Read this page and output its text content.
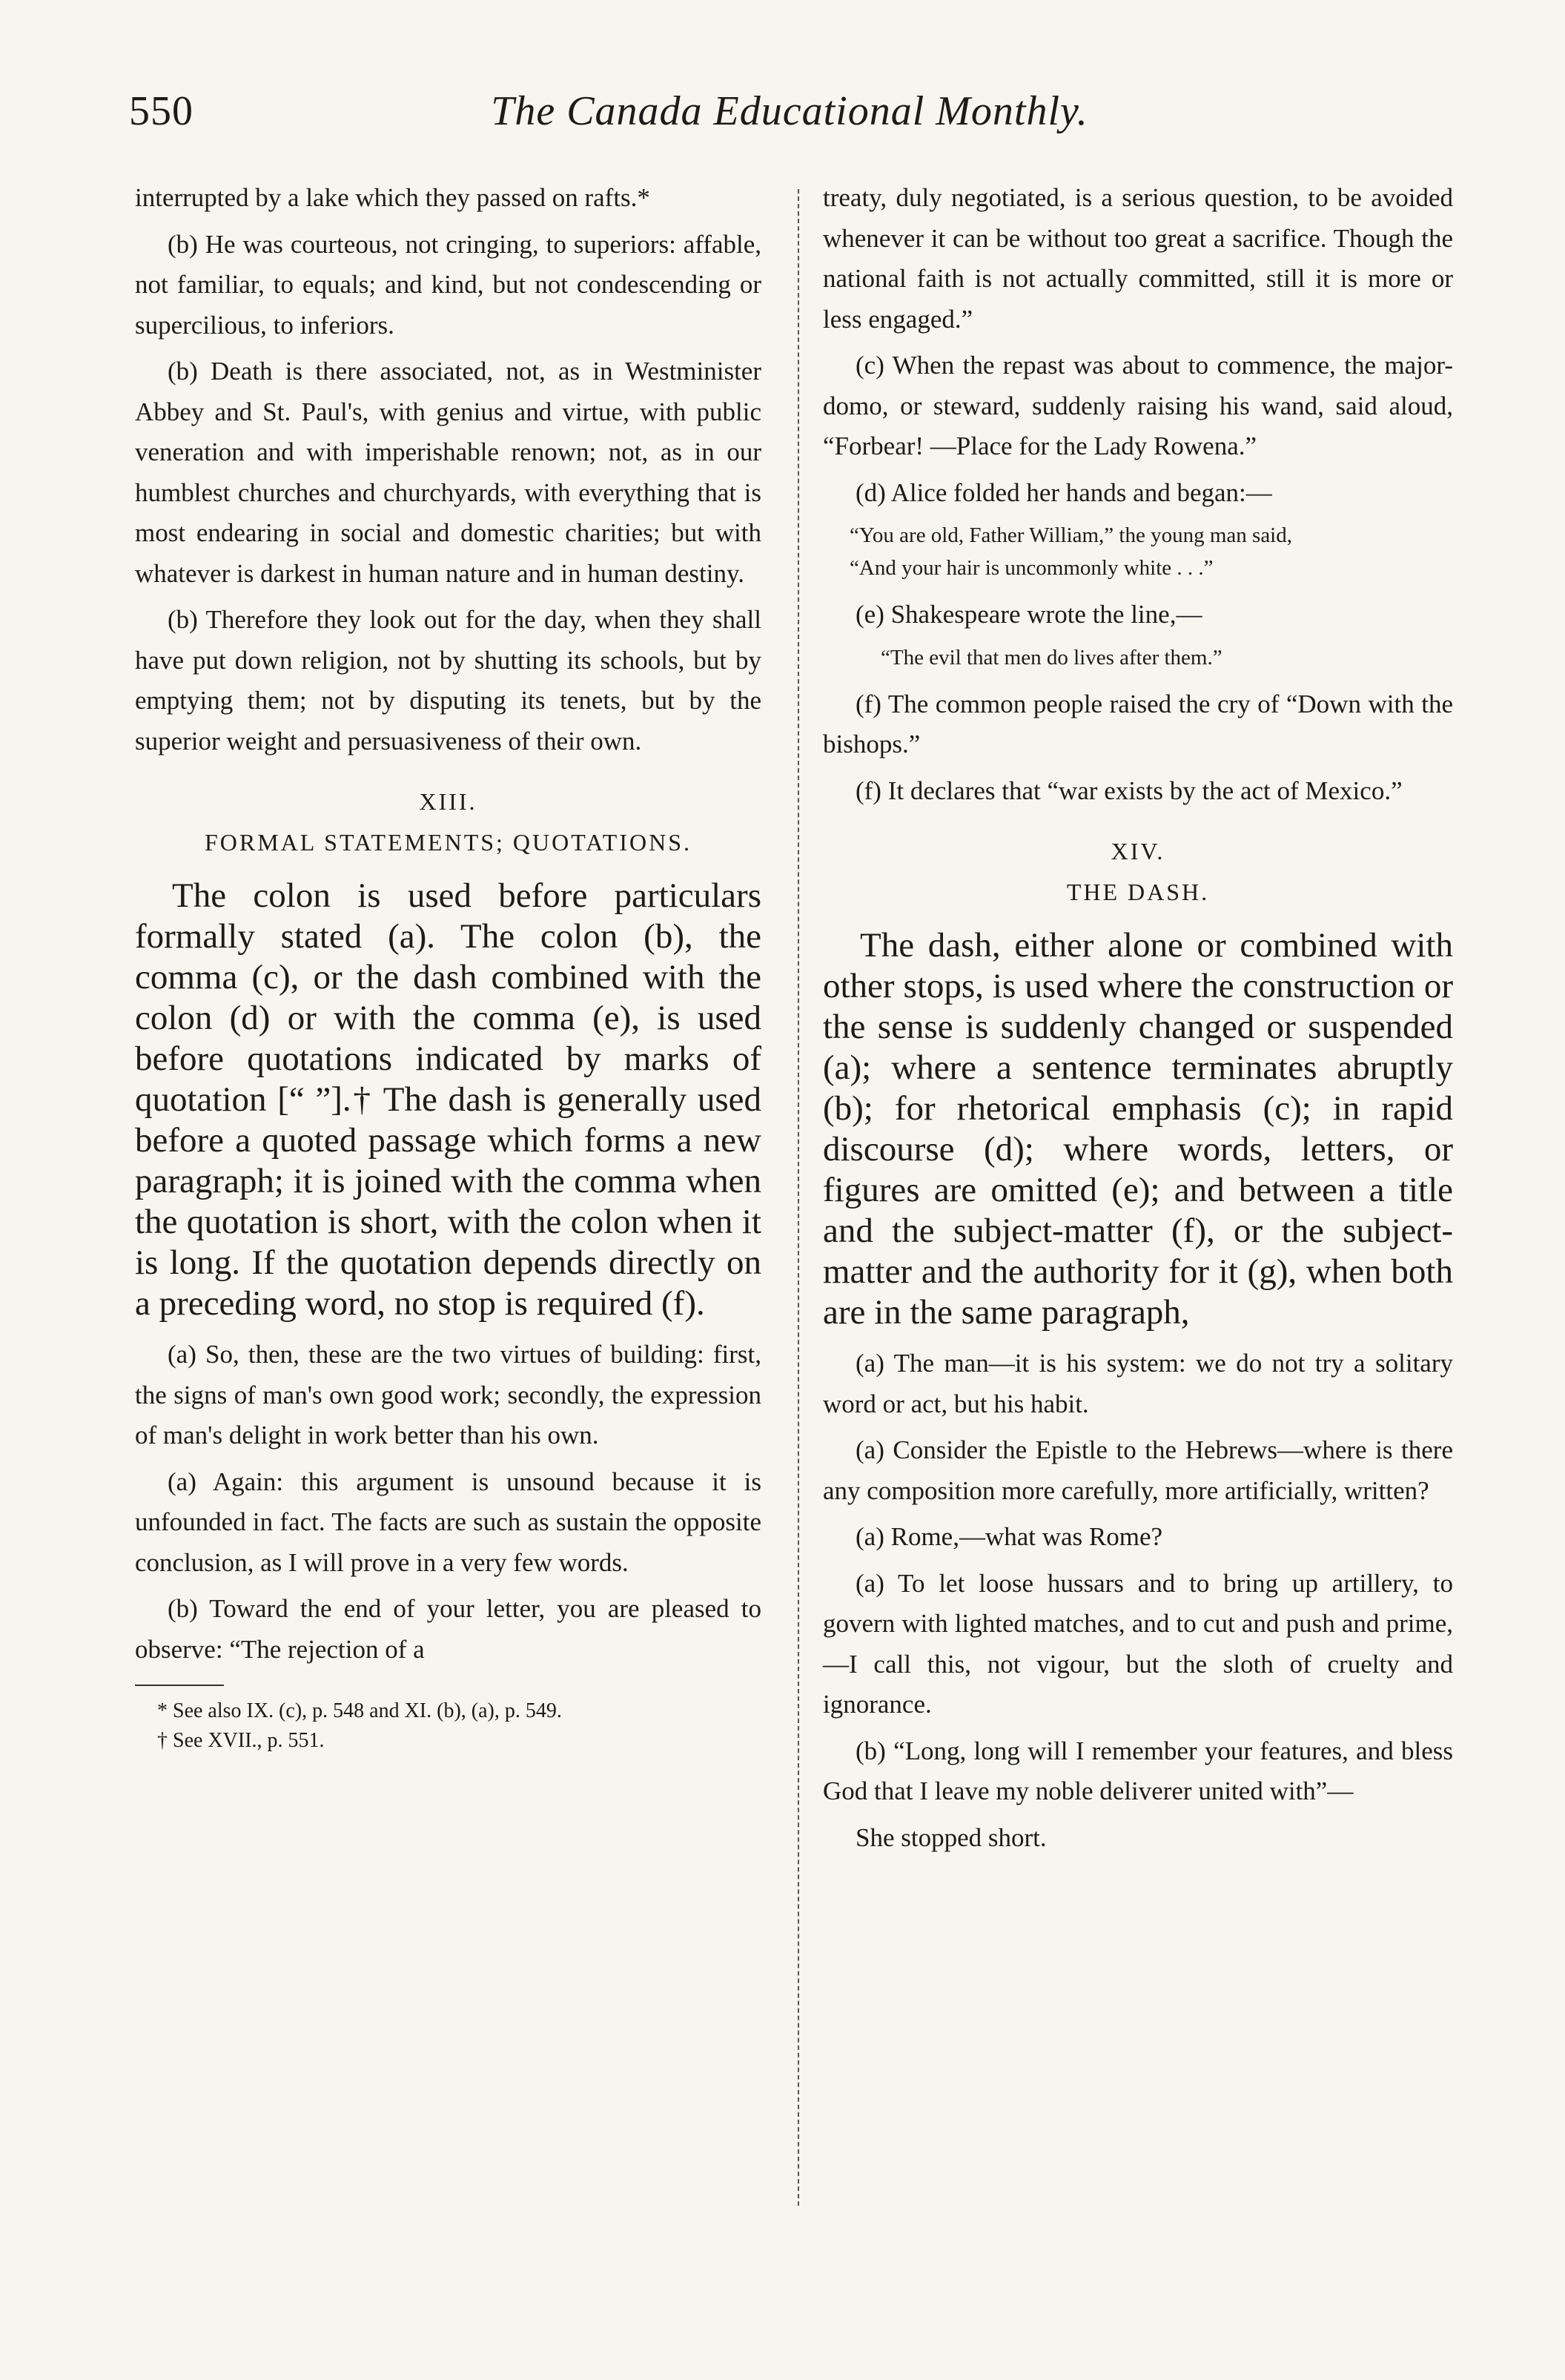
550	The Canada Educational Monthly.

interrupted by a lake which they passed on rafts.*

(b) He was courteous, not cringing, to superiors: affable, not familiar, to equals; and kind, but not condescending or supercilious, to inferiors.

(b) Death is there associated, not, as in Westminister Abbey and St. Paul's, with genius and virtue, with public veneration and with imperishable renown; not, as in our humblest churches and churchyards, with everything that is most endearing in social and domestic charities; but with whatever is darkest in human nature and in human destiny.

(b) Therefore they look out for the day, when they shall have put down religion, not by shutting its schools, but by emptying them; not by disputing its tenets, but by the superior weight and persuasiveness of their own.

XIII.

FORMAL STATEMENTS; QUOTATIONS.

The colon is used before particulars formally stated (a). The colon (b), the comma (c), or the dash combined with the colon (d) or with the comma (e), is used before quotations indicated by marks of quotation [“ ”].† The dash is generally used before a quoted passage which forms a new paragraph; it is joined with the comma when the quotation is short, with the colon when it is long. If the quotation depends directly on a preceding word, no stop is required (f).

(a) So, then, these are the two virtues of building: first, the signs of man's own good work; secondly, the expression of man's delight in work better than his own.

(a) Again: this argument is unsound because it is unfounded in fact. The facts are such as sustain the opposite conclusion, as I will prove in a very few words.

(b) Toward the end of your letter, you are pleased to observe: “The rejection of a

* See also IX. (c), p. 548 and XI. (b), (a), p. 549.

† See XVII., p. 551.

treaty, duly negotiated, is a serious question, to be avoided whenever it can be without too great a sacrifice. Though the national faith is not actually committed, still it is more or less engaged.”

(c) When the repast was about to commence, the major-domo, or steward, suddenly raising his wand, said aloud, “Forbear! —Place for the Lady Rowena.”

(d) Alice folded her hands and began:—

“You are old, Father William,” the young man said,

“And your hair is uncommonly white . . .”

(e) Shakespeare wrote the line,—

“The evil that men do lives after them.”

(f) The common people raised the cry of “Down with the bishops.”

(f) It declares that “war exists by the act of Mexico.”

XIV.

THE DASH.

The dash, either alone or combined with other stops, is used where the construction or the sense is suddenly changed or suspended (a); where a sentence terminates abruptly (b); for rhetorical emphasis (c); in rapid discourse (d); where words, letters, or figures are omitted (e); and between a title and the subject-matter (f), or the subject-matter and the authority for it (g), when both are in the same paragraph,

(a) The man—it is his system: we do not try a solitary word or act, but his habit.

(a) Consider the Epistle to the Hebrews—where is there any composition more carefully, more artificially, written?

(a) Rome,—what was Rome?

(a) To let loose hussars and to bring up artillery, to govern with lighted matches, and to cut and push and prime,—I call this, not vigour, but the sloth of cruelty and ignorance.

(b) “Long, long will I remember your features, and bless God that I leave my noble deliverer united with”—

She stopped short.
